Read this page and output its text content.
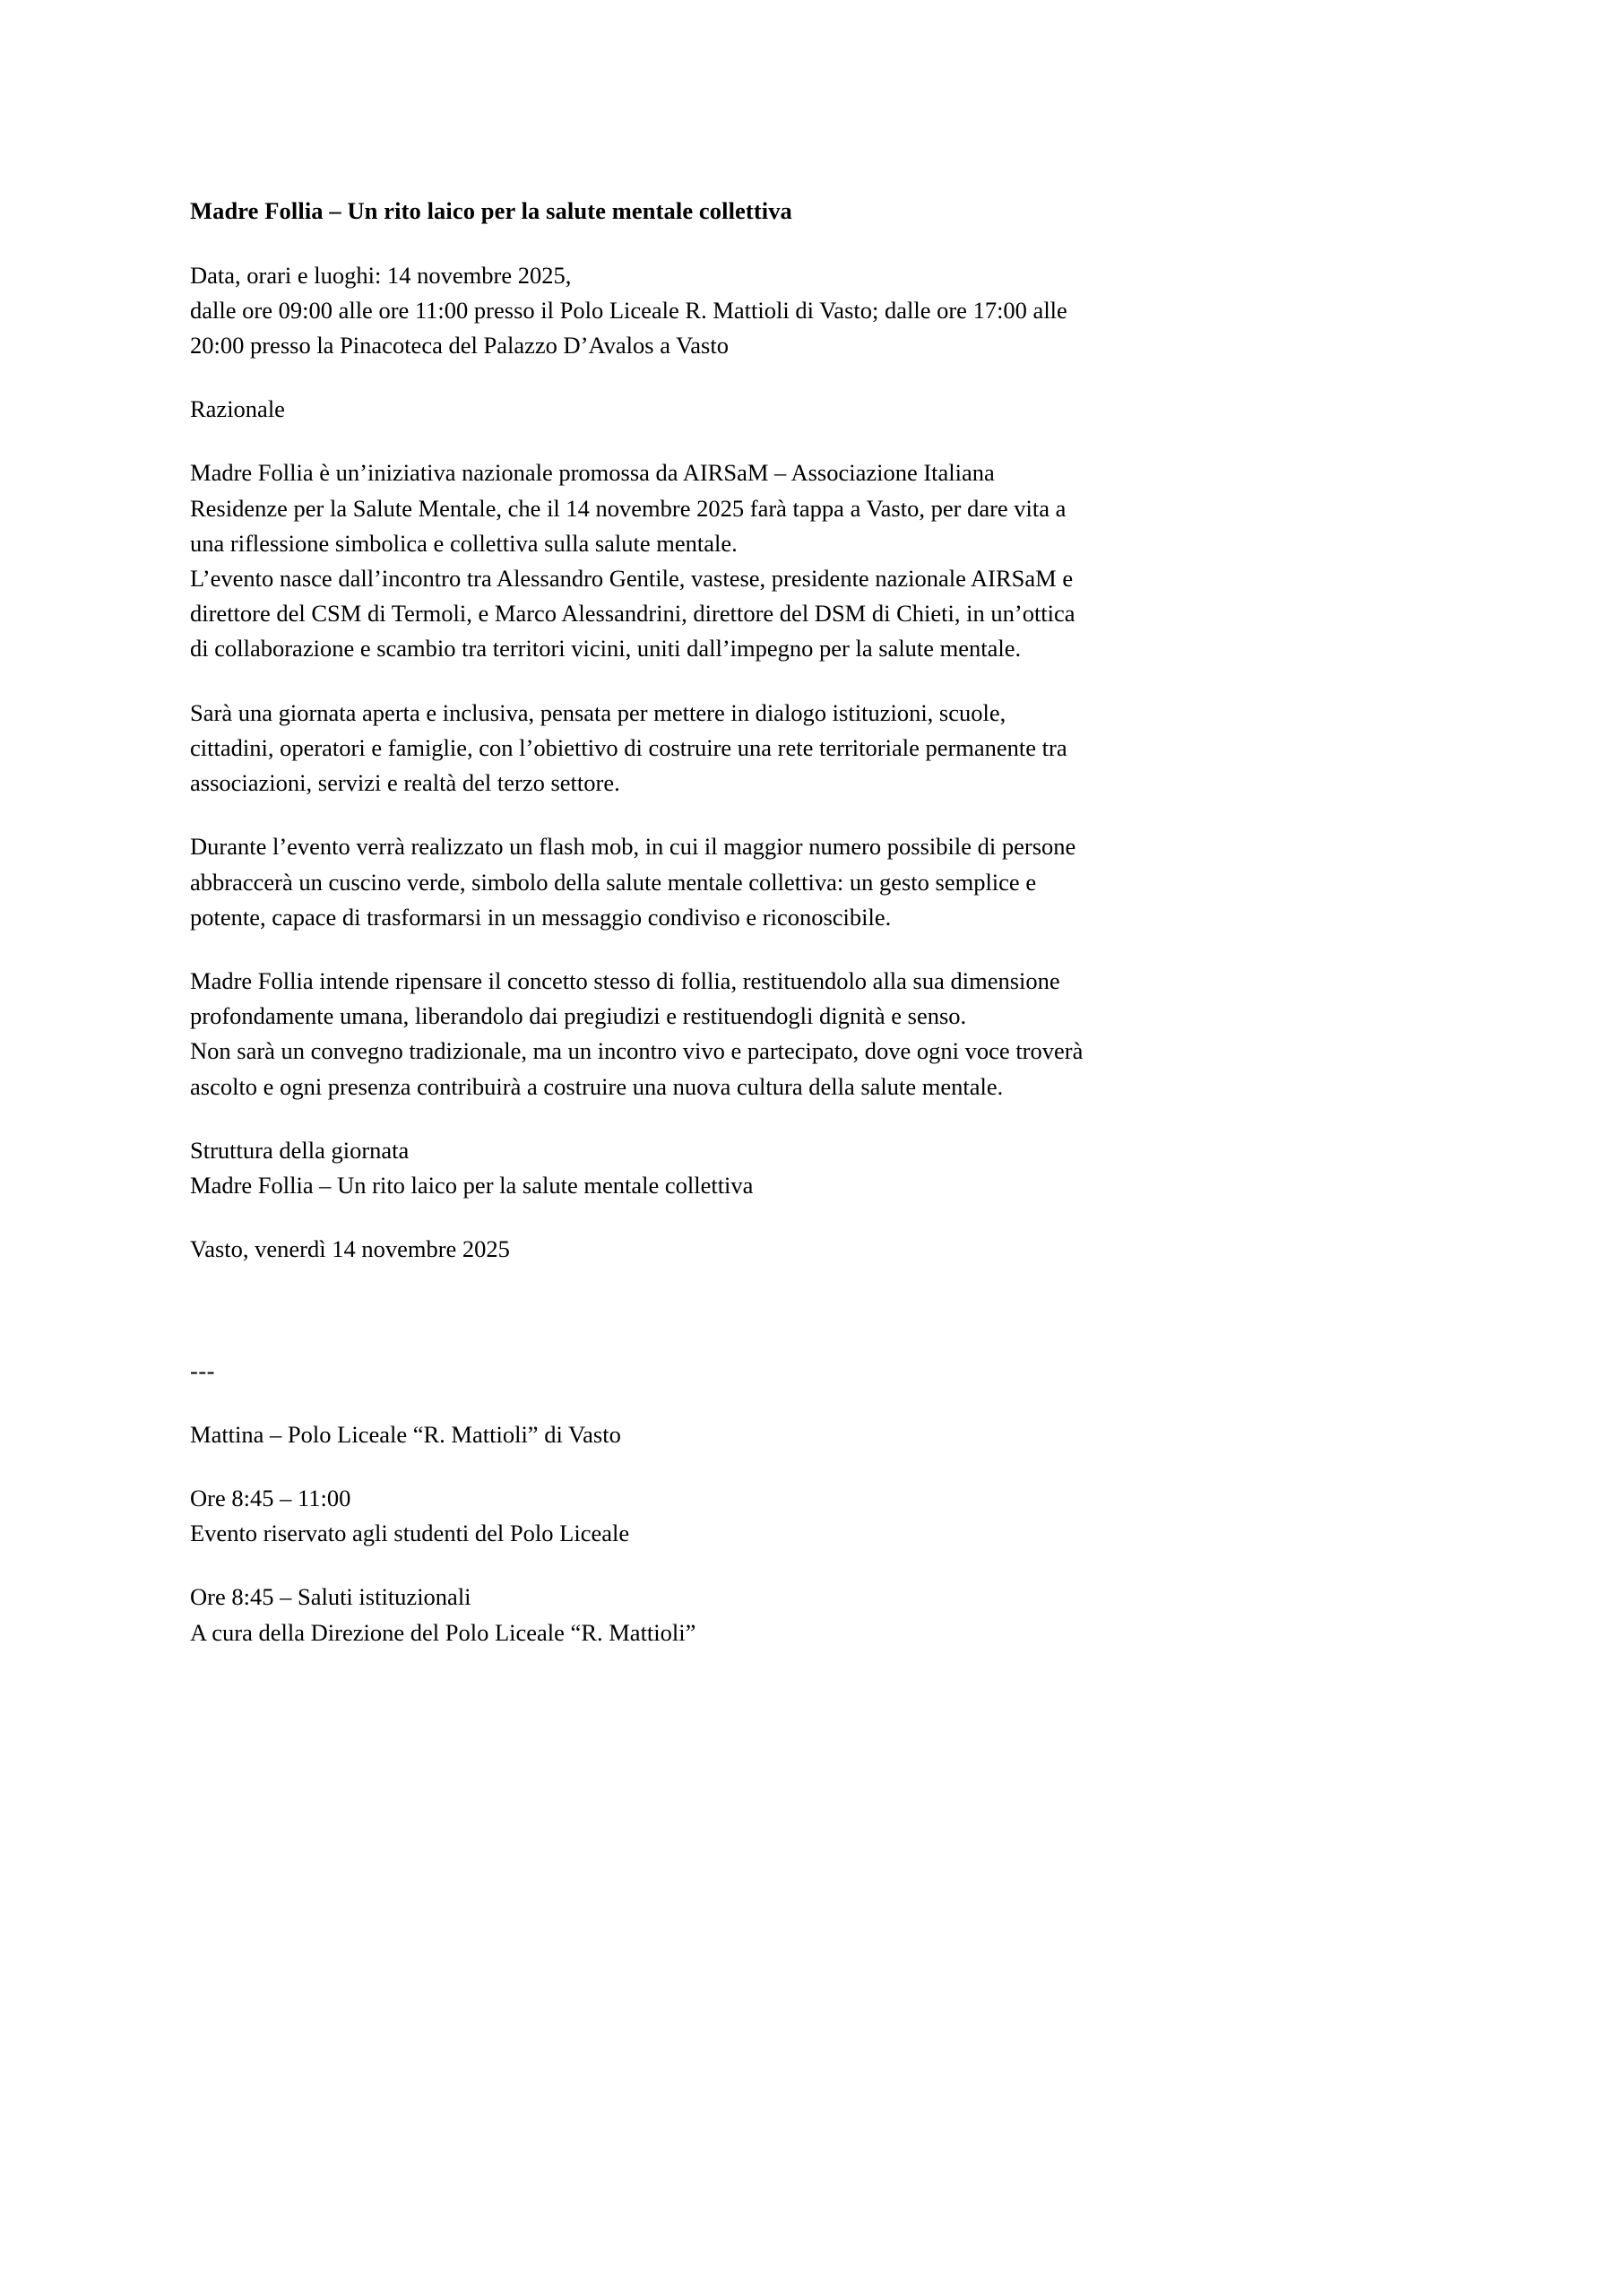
Madre Follia – Un rito laico per la salute mentale collettiva

Data, orari e luoghi: 14 novembre 2025,
dalle ore 09:00 alle ore 11:00 presso il Polo Liceale R. Mattioli di Vasto; dalle ore 17:00 alle
20:00 presso la Pinacoteca del Palazzo D’Avalos a Vasto

Razionale

Madre Follia è un’iniziativa nazionale promossa da AIRSaM – Associazione Italiana
Residenze per la Salute Mentale, che il 14 novembre 2025 farà tappa a Vasto, per dare vita a
una riflessione simbolica e collettiva sulla salute mentale.
L’evento nasce dall’incontro tra Alessandro Gentile, vastese, presidente nazionale AIRSaM e
direttore del CSM di Termoli, e Marco Alessandrini, direttore del DSM di Chieti, in un’ottica
di collaborazione e scambio tra territori vicini, uniti dall’impegno per la salute mentale.

Sarà una giornata aperta e inclusiva, pensata per mettere in dialogo istituzioni, scuole,
cittadini, operatori e famiglie, con l’obiettivo di costruire una rete territoriale permanente tra
associazioni, servizi e realtà del terzo settore.

Durante l’evento verrà realizzato un flash mob, in cui il maggior numero possibile di persone
abbraccerà un cuscino verde, simbolo della salute mentale collettiva: un gesto semplice e
potente, capace di trasformarsi in un messaggio condiviso e riconoscibile.

Madre Follia intende ripensare il concetto stesso di follia, restituendolo alla sua dimensione
profondamente umana, liberandolo dai pregiudizi e restituendogli dignità e senso.
Non sarà un convegno tradizionale, ma un incontro vivo e partecipato, dove ogni voce troverà
ascolto e ogni presenza contribuirà a costruire una nuova cultura della salute mentale.

Struttura della giornata
Madre Follia – Un rito laico per la salute mentale collettiva

Vasto, venerdì 14 novembre 2025

---

Mattina – Polo Liceale “R. Mattioli” di Vasto

Ore 8:45 – 11:00
Evento riservato agli studenti del Polo Liceale

Ore 8:45 – Saluti istituzionali
A cura della Direzione del Polo Liceale “R. Mattioli”
